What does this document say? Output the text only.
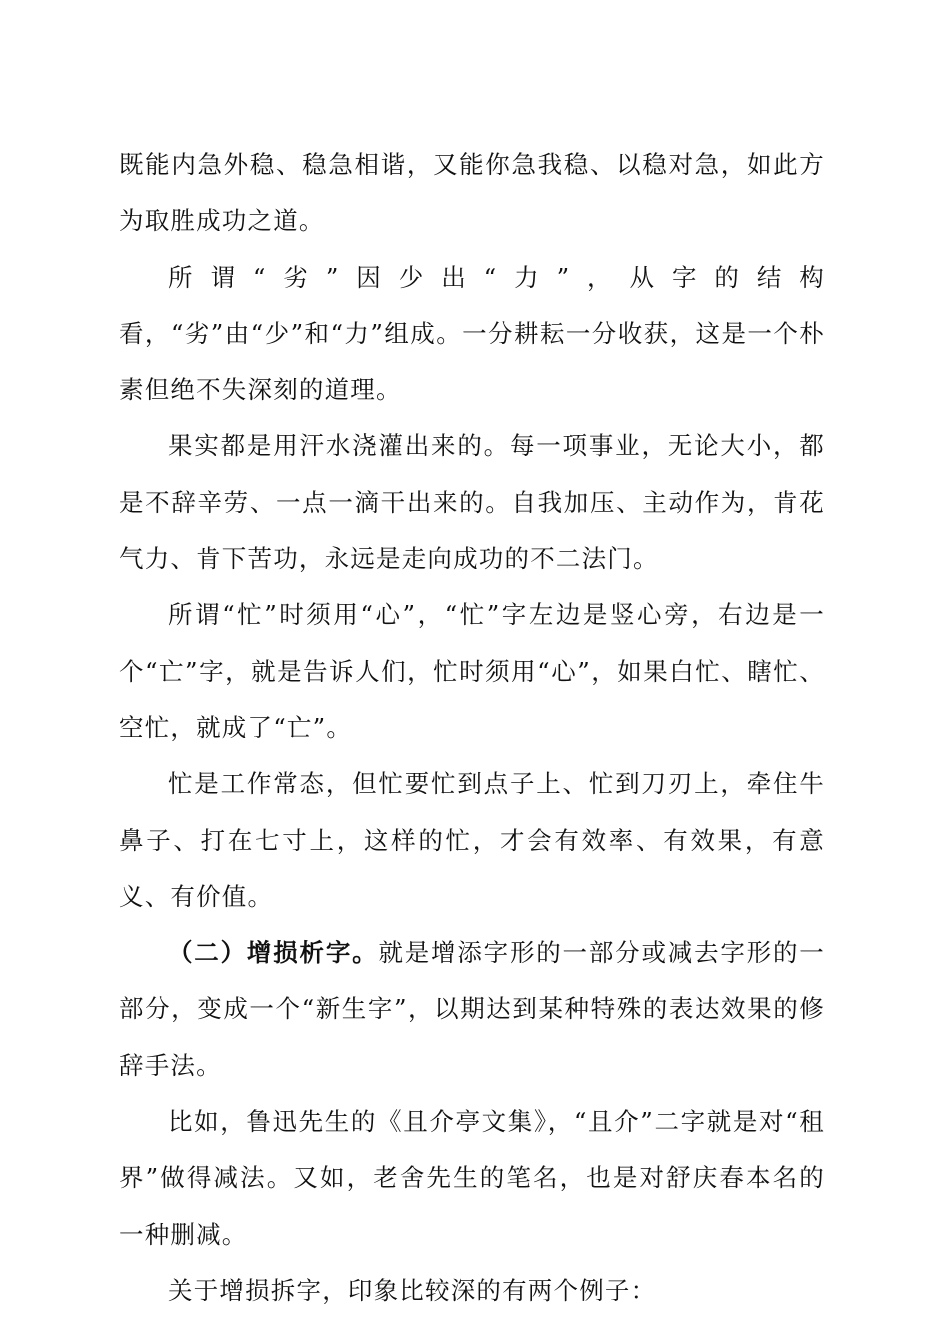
既能内急外稳、稳急相谐，又能你急我稳、以稳对急，如此方为取胜成功之道。

所谓“劣”因少出“力”，从字的结构看，“劣”由“少”和“力”组成。一分耕耘一分收获，这是一个朴素但绝不失深刻的道理。

果实都是用汗水浇灌出来的。每一项事业，无论大小，都是不辞辛劳、一点一滴干出来的。自我加压、主动作为，肯花气力、肯下苦功，永远是走向成功的不二法门。

所谓“忙”时须用“心”，“忙”字左边是竖心旁，右边是一个“亡”字，就是告诉人们，忙时须用“心”，如果白忙、瞎忙、空忙，就成了“亡”。

忙是工作常态，但忙要忙到点子上、忙到刀刃上，牵住牛鼻子、打在七寸上，这样的忙，才会有效率、有效果，有意义、有价值。

（二）增损析字。就是增添字形的一部分或减去字形的一部分，变成一个“新生字”，以期达到某种特殊的表达效果的修辞手法。

比如，鲁迅先生的《且介亭文集》，“且介”二字就是对“租界”做得减法。又如，老舍先生的笔名，也是对舒庆春本名的一种删减。

关于增损拆字，印象比较深的有两个例子：
